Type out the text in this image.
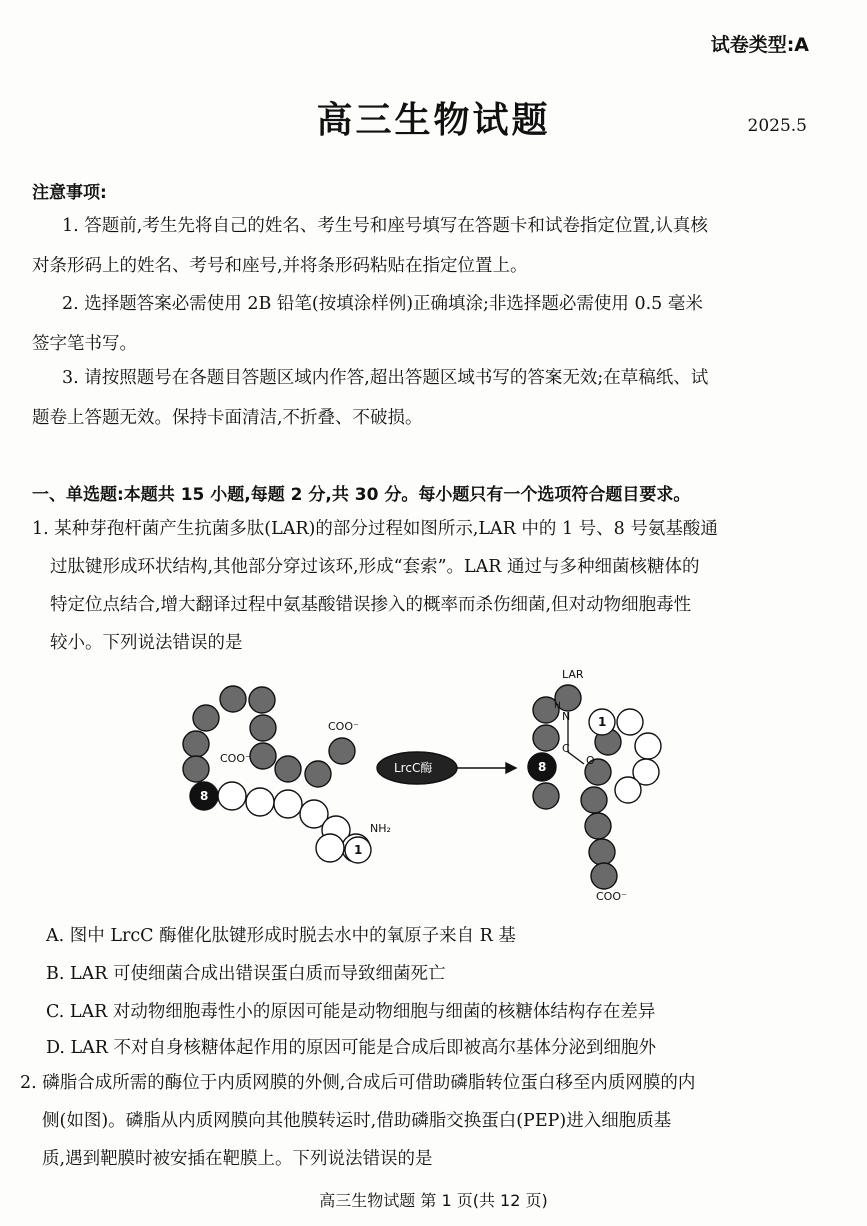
试卷类型:A
高三生物试题	2025.5
注意事项:
1. 答题前,考生先将自己的姓名、考生号和座号填写在答题卡和试卷指定位置,认真核
对条形码上的姓名、考号和座号,并将条形码粘贴在指定位置上。
2. 选择题答案必需使用 2B 铅笔(按填涂样例)正确填涂;非选择题必需使用 0.5 毫米
签字笔书写。
3. 请按照题号在各题目答题区域内作答,超出答题区域书写的答案无效;在草稿纸、试
题卷上答题无效。保持卡面清洁,不折叠、不破损。
一、单选题:本题共 15 小题,每题 2 分,共 30 分。每小题只有一个选项符合题目要求。
1. 某种芽孢杆菌产生抗菌多肽(LAR)的部分过程如图所示,LAR 中的 1 号、8 号氨基酸通
过肽键形成环状结构,其他部分穿过该环,形成“套索”。LAR 通过与多种细菌核糖体的
特定位点结合,增大翻译过程中氨基酸错误掺入的概率而杀伤细菌,但对动物细胞毒性
较小。下列说法错误的是
COO⁻
COO⁻
NH₂
1
8
LrcC酶
LAR
N
H
C
O
1
8
COO⁻
A. 图中 LrcC 酶催化肽键形成时脱去水中的氧原子来自 R 基
B. LAR 可使细菌合成出错误蛋白质而导致细菌死亡
C. LAR 对动物细胞毒性小的原因可能是动物细胞与细菌的核糖体结构存在差异
D. LAR 不对自身核糖体起作用的原因可能是合成后即被高尔基体分泌到细胞外
2. 磷脂合成所需的酶位于内质网膜的外侧,合成后可借助磷脂转位蛋白移至内质网膜的内
侧(如图)。磷脂从内质网膜向其他膜转运时,借助磷脂交换蛋白(PEP)进入细胞质基
质,遇到靶膜时被安插在靶膜上。下列说法错误的是
高三生物试题 第 1 页(共 12 页)
